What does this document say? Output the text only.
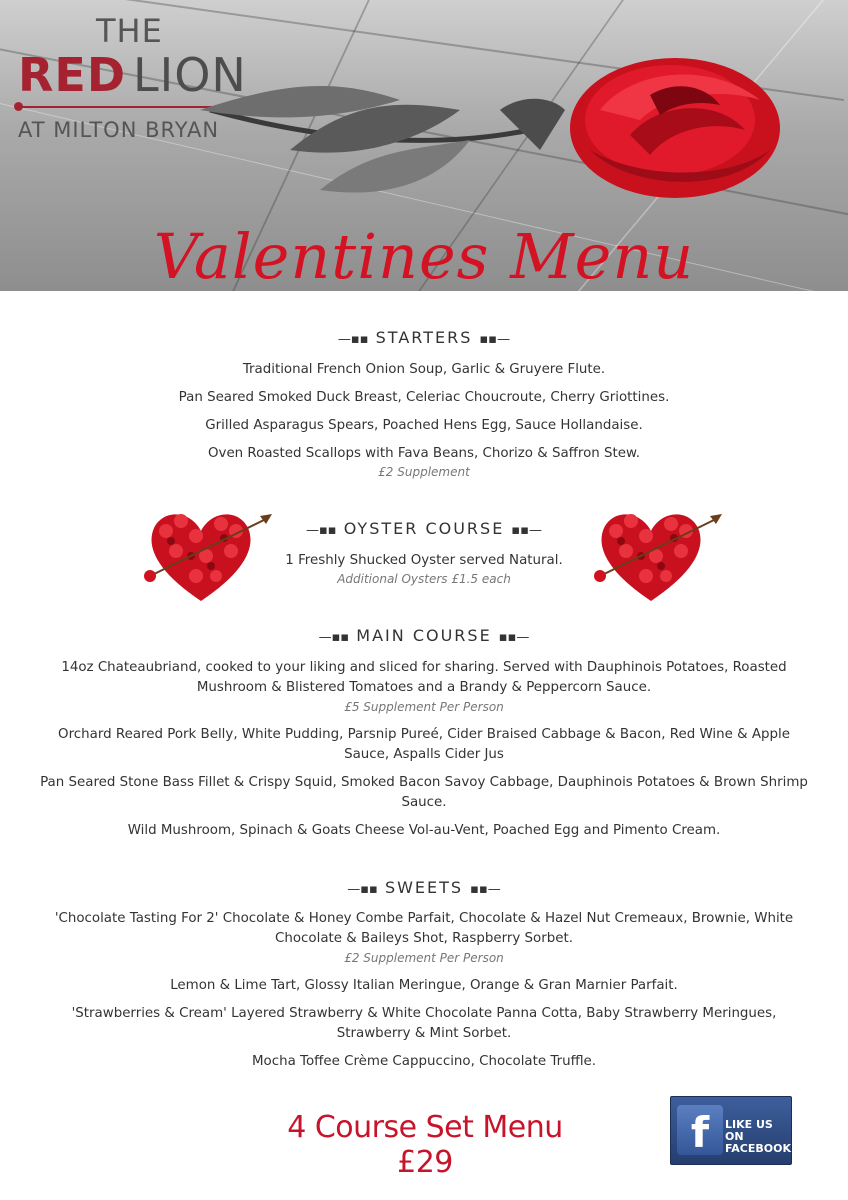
THE
RED LION
AT MILTON BRYAN
Valentines Menu
—▪▪ STARTERS ▪▪—
Traditional French Onion Soup, Garlic & Gruyere Flute.
Pan Seared Smoked Duck Breast, Celeriac Choucroute, Cherry Griottines.
Grilled Asparagus Spears, Poached Hens Egg, Sauce Hollandaise.
Oven Roasted Scallops with Fava Beans, Chorizo & Saffron Stew.
£2 Supplement
—▪▪ OYSTER COURSE ▪▪—
1 Freshly Shucked Oyster served Natural.
Additional Oysters £1.5 each
—▪▪ MAIN COURSE ▪▪—
14oz Chateaubriand, cooked to your liking and sliced for sharing. Served with Dauphinois Potatoes, Roasted Mushroom & Blistered Tomatoes and a Brandy & Peppercorn Sauce.
£5 Supplement Per Person
Orchard Reared Pork Belly, White Pudding, Parsnip Pureé, Cider Braised Cabbage & Bacon, Red Wine & Apple Sauce, Aspalls Cider Jus
Pan Seared Stone Bass Fillet & Crispy Squid, Smoked Bacon Savoy Cabbage, Dauphinois Potatoes & Brown Shrimp Sauce.
Wild Mushroom, Spinach & Goats Cheese Vol-au-Vent, Poached Egg and Pimento Cream.
—▪▪ SWEETS ▪▪—
'Chocolate Tasting For 2' Chocolate & Honey Combe Parfait, Chocolate & Hazel Nut Cremeaux, Brownie, White Chocolate & Baileys Shot, Raspberry Sorbet.
£2 Supplement Per Person
Lemon & Lime Tart, Glossy Italian Meringue, Orange & Gran Marnier Parfait.
'Strawberries & Cream' Layered Strawberry & White Chocolate Panna Cotta, Baby Strawberry Meringues, Strawberry & Mint Sorbet.
Mocha Toffee Crème Cappuccino, Chocolate Truffle.
4 Course Set Menu £29
f	LIKE US ON FACEBOOK!
